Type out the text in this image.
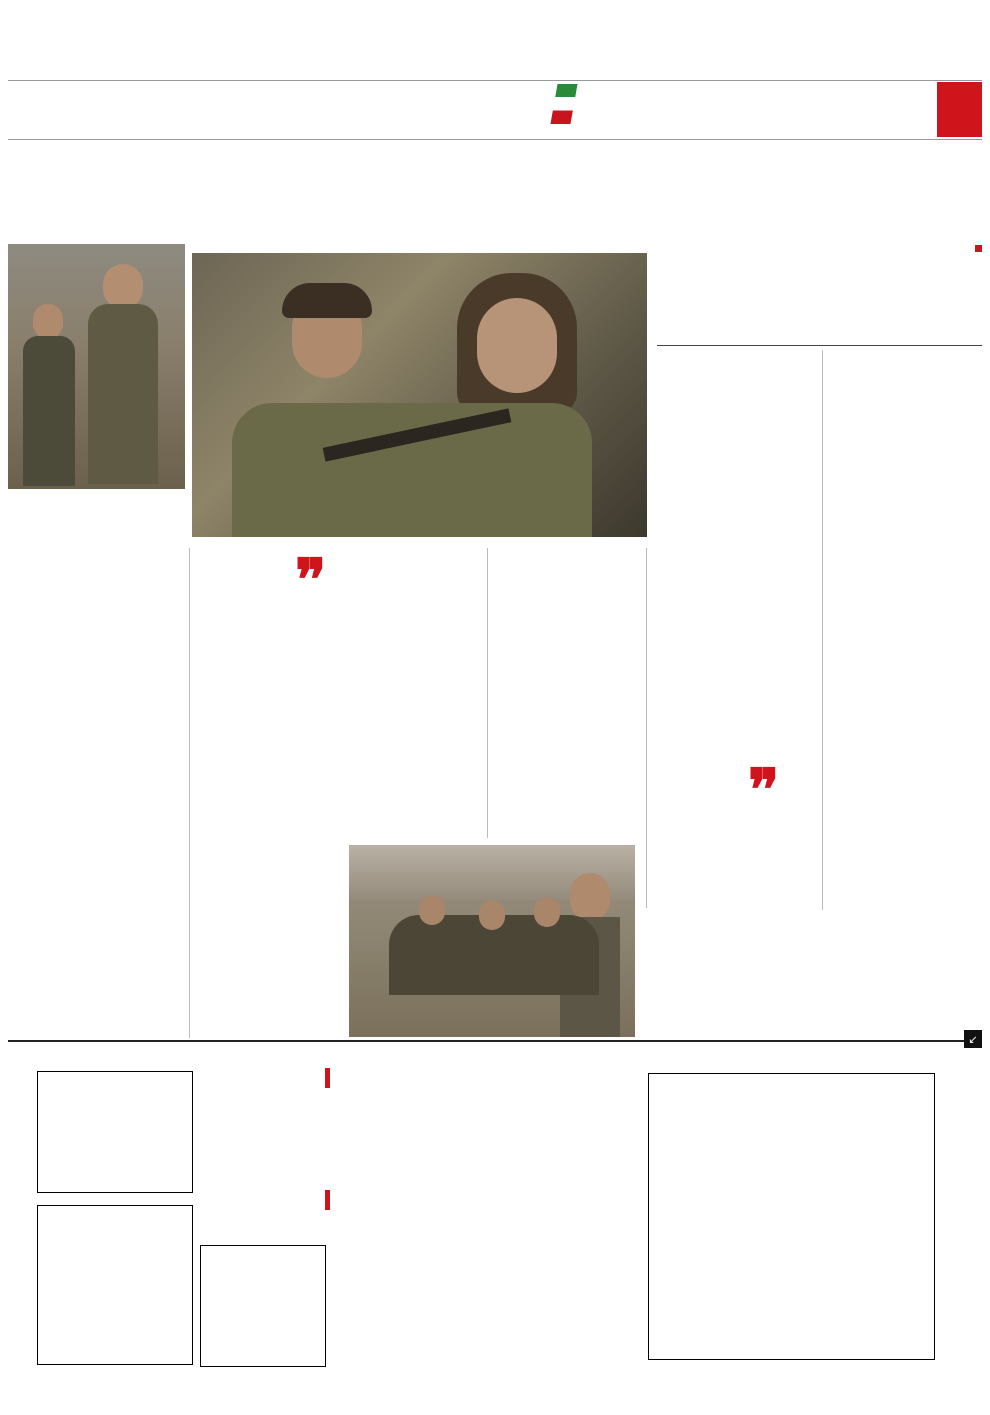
❞
❞
↙
